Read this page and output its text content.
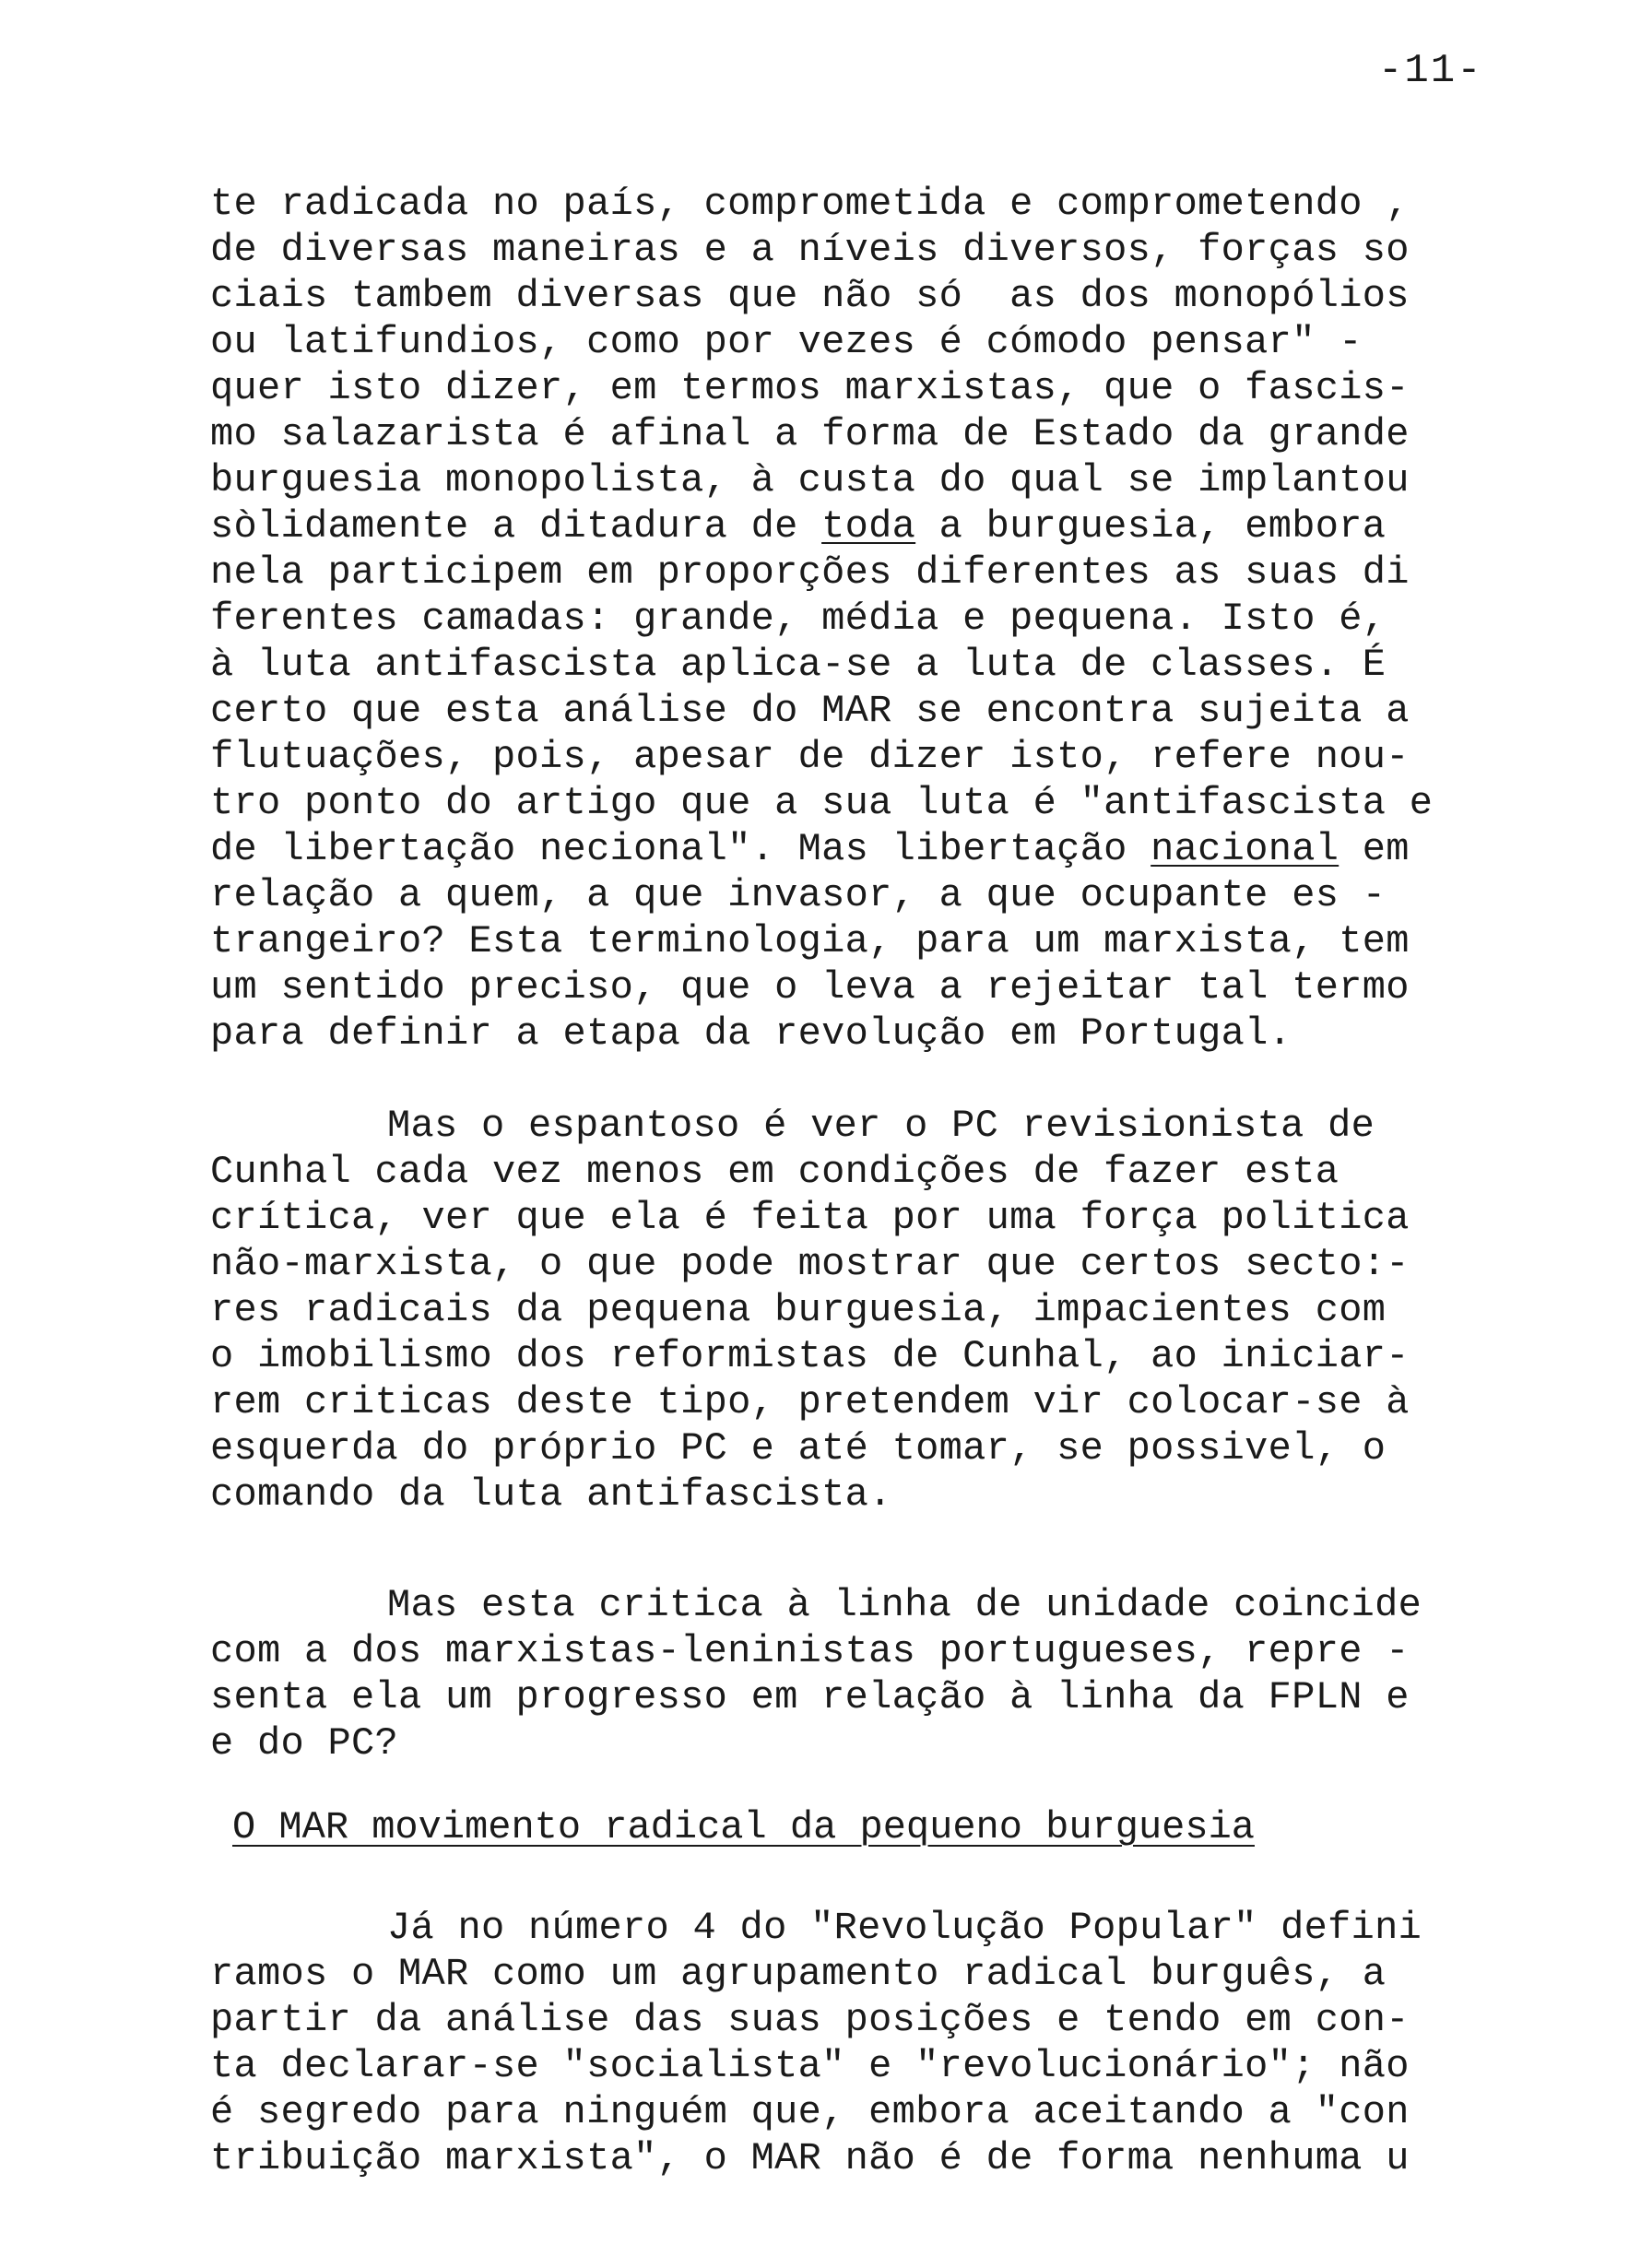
-11-
te radicada no país, comprometida e comprometendo ,
de diversas maneiras e a níveis diversos, forças so
ciais tambem diversas que não só  as dos monopólios
ou latifundios, como por vezes é cómodo pensar" -
quer isto dizer, em termos marxistas, que o fascis-
mo salazarista é afinal a forma de Estado da grande
burguesia monopolista, à custa do qual se implantou
sòlidamente a ditadura de toda a burguesia, embora
nela participem em proporções diferentes as suas di
ferentes camadas: grande, média e pequena. Isto é,
à luta antifascista aplica-se a luta de classes. É
certo que esta análise do MAR se encontra sujeita a
flutuações, pois, apesar de dizer isto, refere nou-
tro ponto do artigo que a sua luta é "antifascista e
de libertação necional". Mas libertação nacional em
relação a quem, a que invasor, a que ocupante es -
trangeiro? Esta terminologia, para um marxista, tem
um sentido preciso, que o leva a rejeitar tal termo
para definir a etapa da revolução em Portugal.
Mas o espantoso é ver o PC revisionista de
Cunhal cada vez menos em condições de fazer esta
crítica, ver que ela é feita por uma força politica
não-marxista, o que pode mostrar que certos secto:-
res radicais da pequena burguesia, impacientes com
o imobilismo dos reformistas de Cunhal, ao iniciar-
rem criticas deste tipo, pretendem vir colocar-se à
esquerda do próprio PC e até tomar, se possivel, o
comando da luta antifascista.
Mas esta critica à linha de unidade coincide
com a dos marxistas-leninistas portugueses, repre -
senta ela um progresso em relação à linha da FPLN e
e do PC?
O MAR movimento radical da pequeno burguesia
Já no número 4 do "Revolução Popular" defini
ramos o MAR como um agrupamento radical burguês, a
partir da análise das suas posições e tendo em con-
ta declarar-se "socialista" e "revolucionário"; não
é segredo para ninguém que, embora aceitando a "con
tribuição marxista", o MAR não é de forma nenhuma u
